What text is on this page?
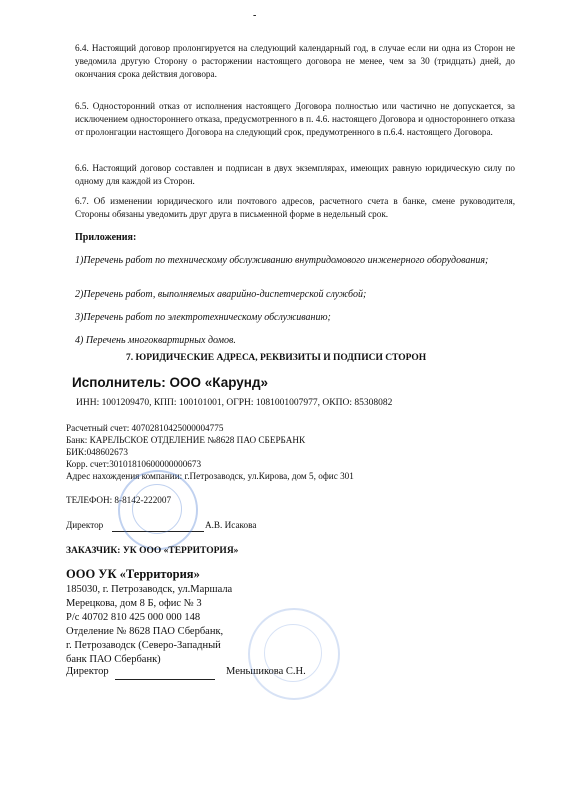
-
6.4. Настоящий договор пролонгируется на следующий календарный год, в случае если ни одна из Сторон не уведомила другую Сторону о расторжении настоящего договора не менее, чем за 30 (тридцать) дней, до окончания срока действия договора.
6.5. Односторонний отказ от исполнения настоящего Договора полностью или частично не допускается, за исключением одностороннего отказа, предусмотренного в п. 4.6. настоящего Договора и одностороннего отказа от пролонгации настоящего Договора на следующий срок, предумотренного в п.6.4. настоящего Договора.
6.6. Настоящий договор составлен и подписан в двух экземплярах, имеющих равную юридическую силу по одному для каждой из Сторон.
6.7. Об изменении юридического или почтового адресов, расчетного счета в банке, смене руководителя, Стороны обязаны уведомить друг друга в письменной форме в недельный срок.
Приложения:
1)Перечень работ по техническому обслуживанию внутридомового инженерного оборудования;
2)Перечень работ, выполняемых аварийно-диспетчерской службой;
3)Перечень работ по электротехническому обслуживанию;
4) Перечень многоквартирных домов.
7. ЮРИДИЧЕСКИЕ АДРЕСА, РЕКВИЗИТЫ И ПОДПИСИ СТОРОН
Исполнитель: ООО «Карунд»
ИНН: 1001209470, КПП: 100101001, ОГРН: 1081001007977, ОКПО: 85308082
Расчетный счет: 40702810425000004775
Банк: КАРЕЛЬСКОЕ ОТДЕЛЕНИЕ №8628 ПАО СБЕРБАНК
БИК:048602673
Корр. счет:30101810600000000673
Адрес нахождения компании: г.Петрозаводск, ул.Кирова, дом 5, офис 301
ТЕЛЕФОН: 8-8142-222007
Директор	А.В. Исакова
ЗАКАЗЧИК: УК ООО «ТЕРРИТОРИЯ»
ООО УК «Территория»
185030, г. Петрозаводск, ул.Маршала
Мерецкова, дом 8 Б, офис № 3
Р/с 40702 810 425 000 000 148
Отделение № 8628 ПАО Сбербанк,
г. Петрозаводск (Северо-Западный
банк ПАО Сбербанк)
Директор	Меньшикова С.Н.
